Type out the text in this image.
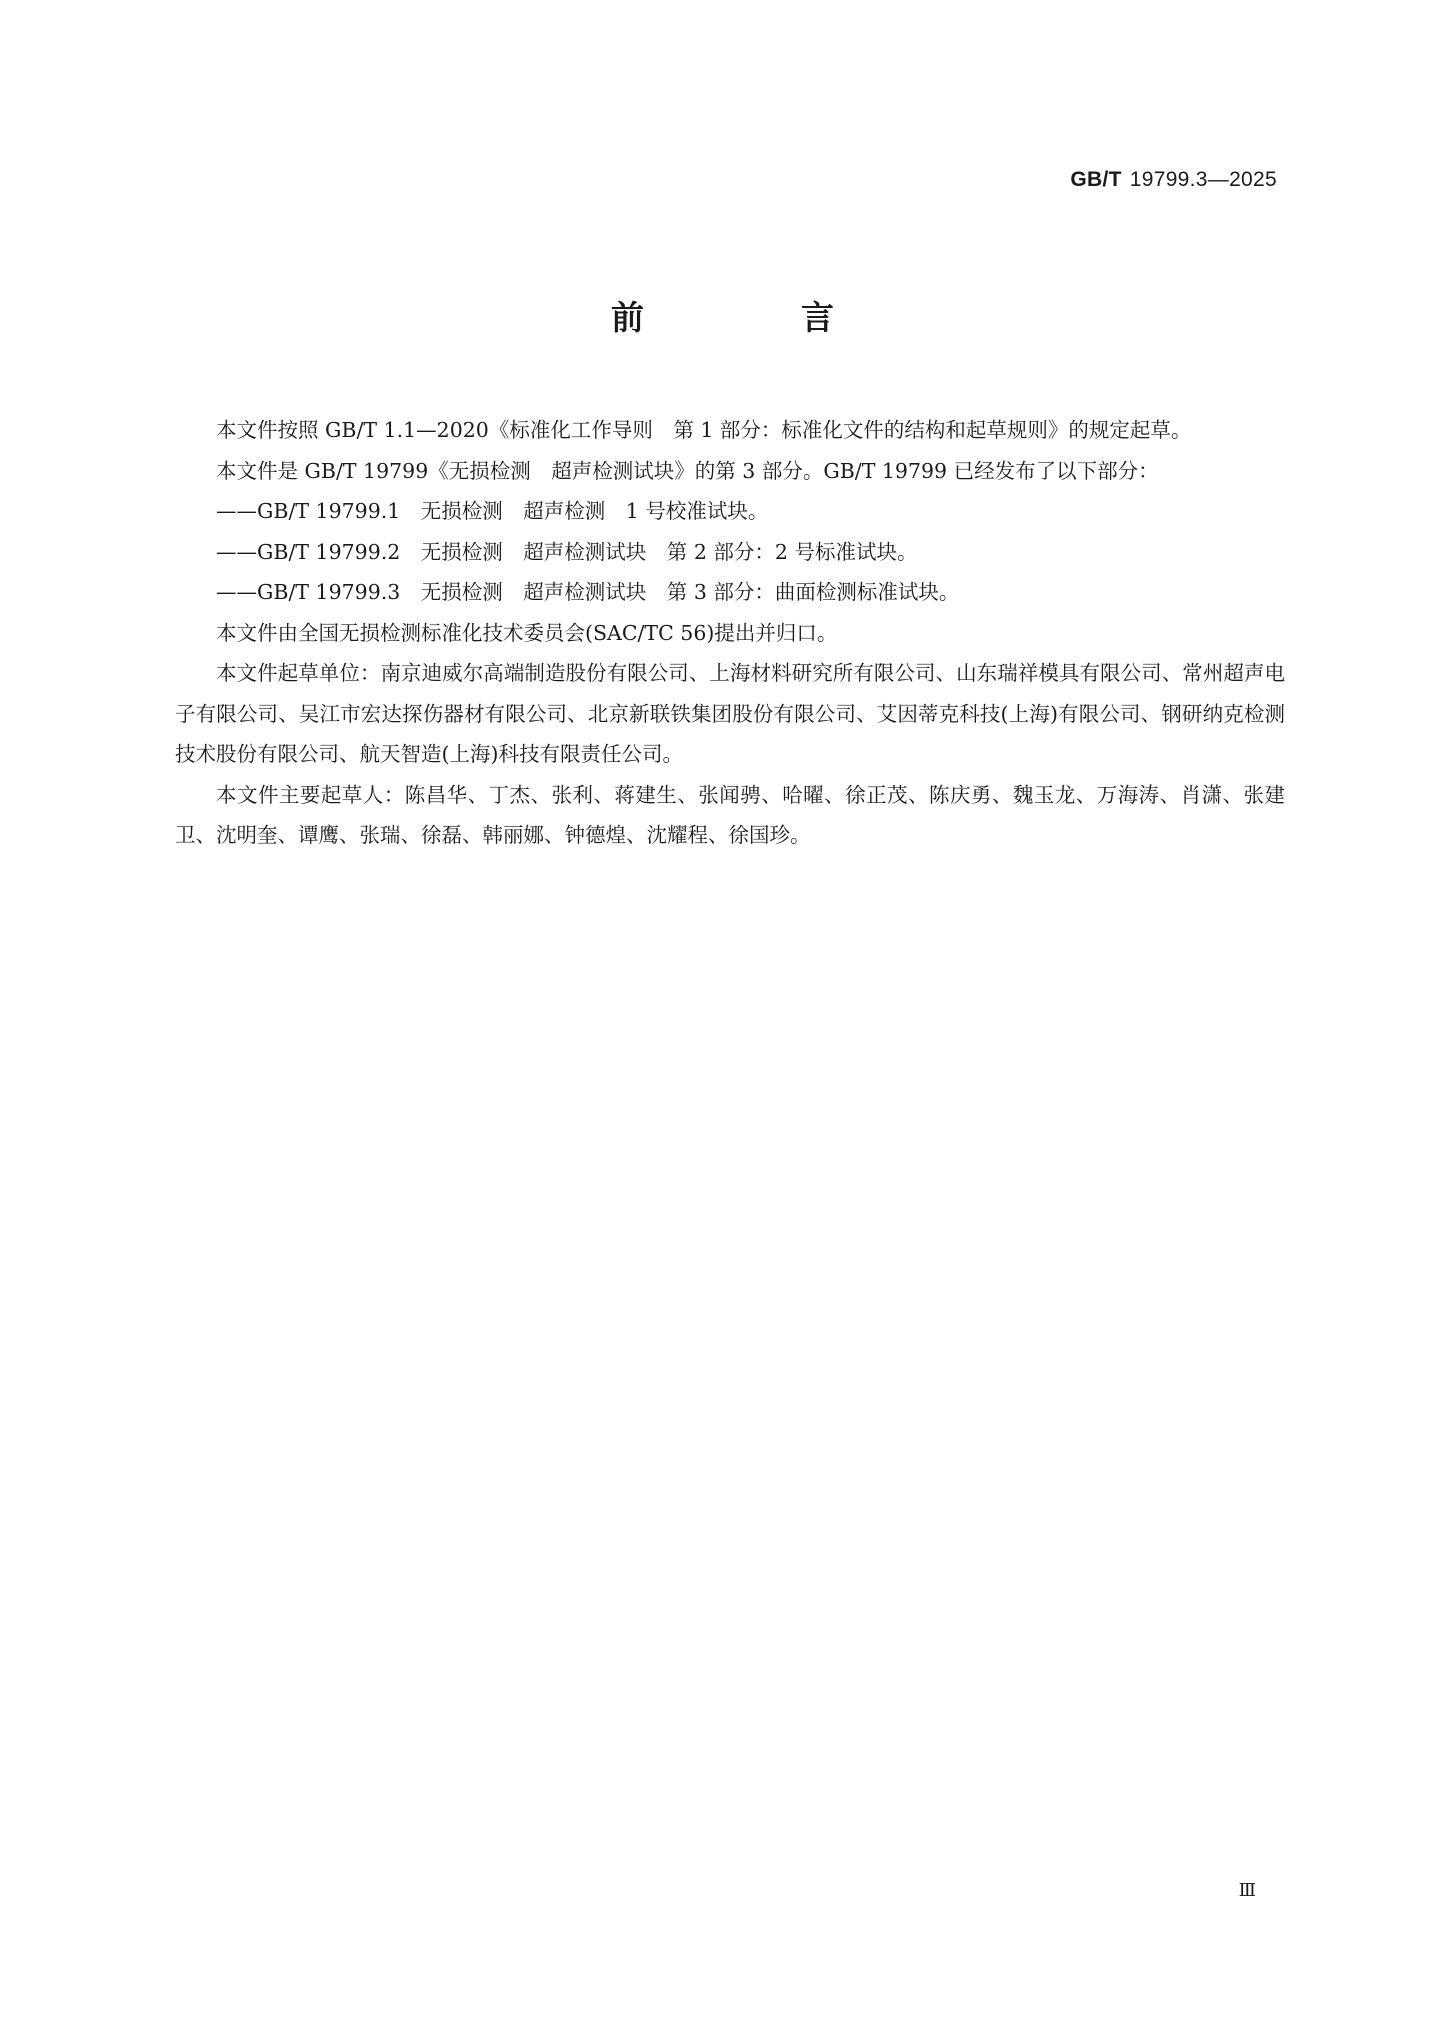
GB/T 19799.3—2025
前　言

本文件按照 GB/T 1.1—2020《标准化工作导则　第 1 部分：标准化文件的结构和起草规则》的规定起草。

本文件是 GB/T 19799《无损检测　超声检测试块》的第 3 部分。GB/T 19799 已经发布了以下部分：

——GB/T 19799.1　无损检测　超声检测　1 号校准试块。

——GB/T 19799.2　无损检测　超声检测试块　第 2 部分：2 号标准试块。

——GB/T 19799.3　无损检测　超声检测试块　第 3 部分：曲面检测标准试块。

本文件由全国无损检测标准化技术委员会(SAC/TC 56)提出并归口。

本文件起草单位：南京迪威尔高端制造股份有限公司、上海材料研究所有限公司、山东瑞祥模具有限公司、常州超声电子有限公司、吴江市宏达探伤器材有限公司、北京新联铁集团股份有限公司、艾因蒂克科技(上海)有限公司、钢研纳克检测技术股份有限公司、航天智造(上海)科技有限责任公司。

本文件主要起草人：陈昌华、丁杰、张利、蒋建生、张闻骋、哈曜、徐正茂、陈庆勇、魏玉龙、万海涛、肖潇、张建卫、沈明奎、谭鹰、张瑞、徐磊、韩丽娜、钟德煌、沈耀程、徐国珍。

Ⅲ
